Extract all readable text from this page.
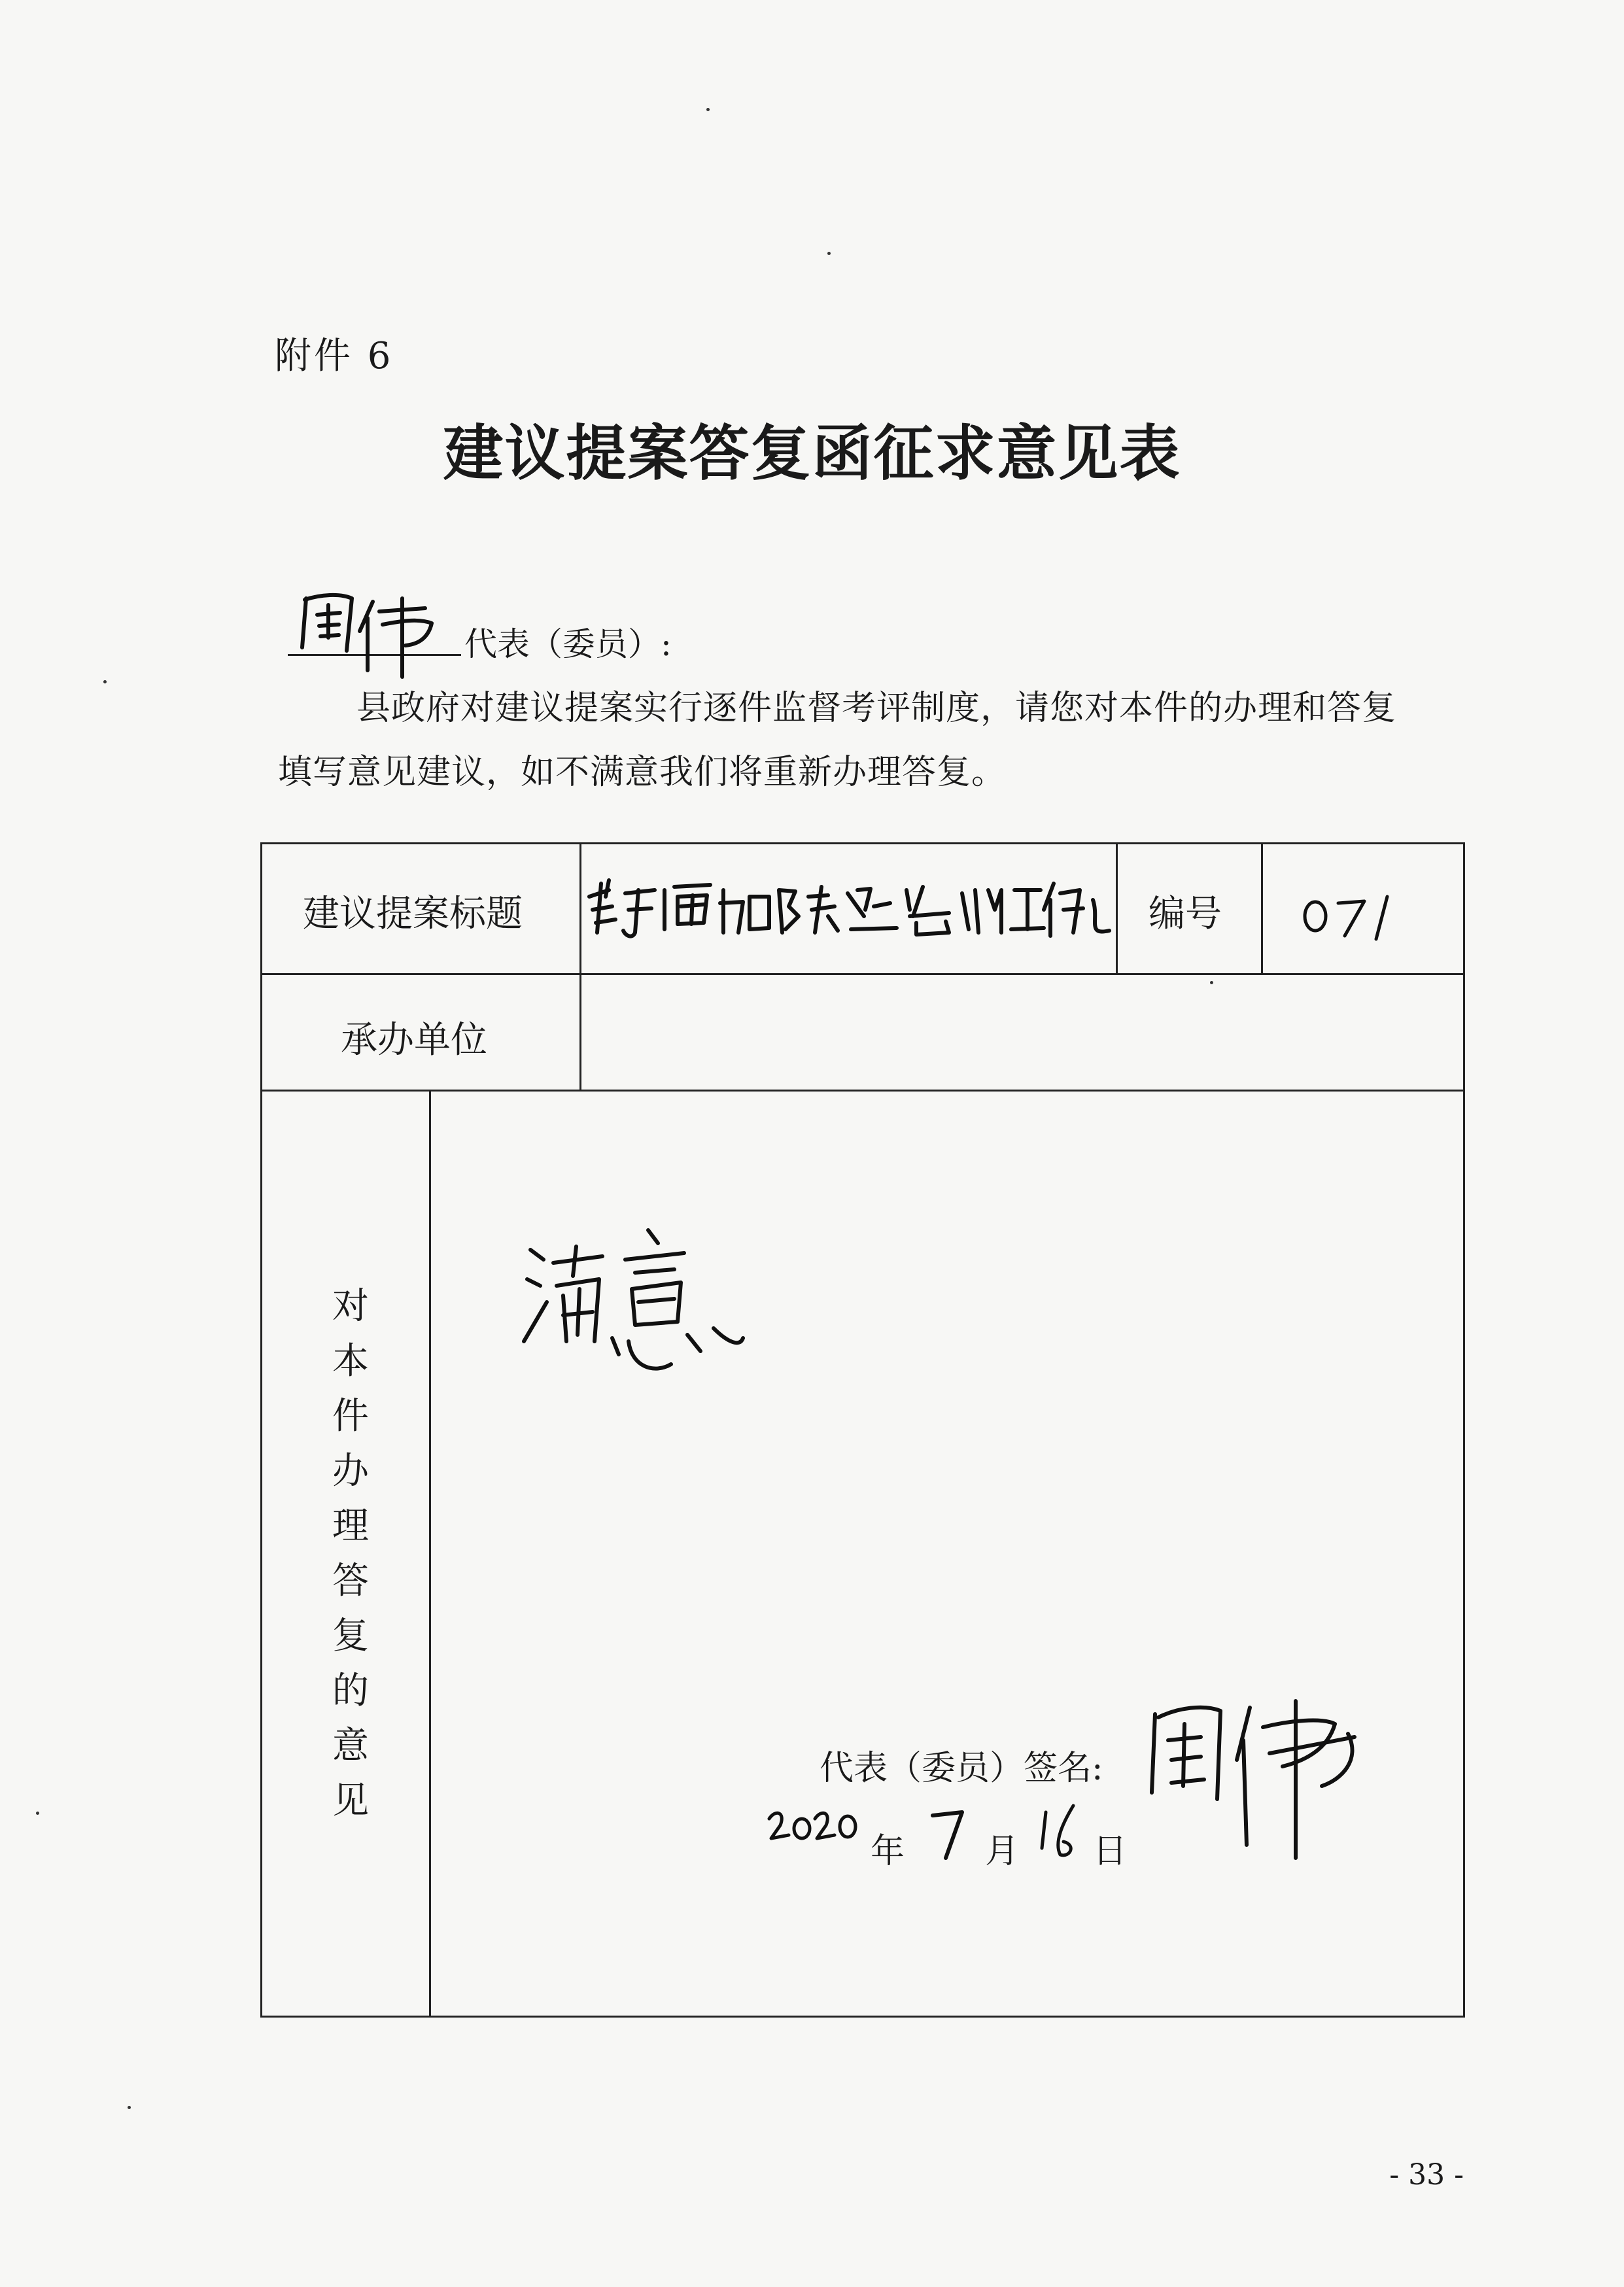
附件 6
建议提案答复函征求意见表
代表（委员）:
县政府对建议提案实行逐件监督考评制度，请您对本件的办理和答复
填写意见建议，如不满意我们将重新办理答复。
建议提案标题	编号
承办单位
对
本
件
办
理
答
复
的
意
见
代表（委员）签名:
年 月 日
- 33 -
